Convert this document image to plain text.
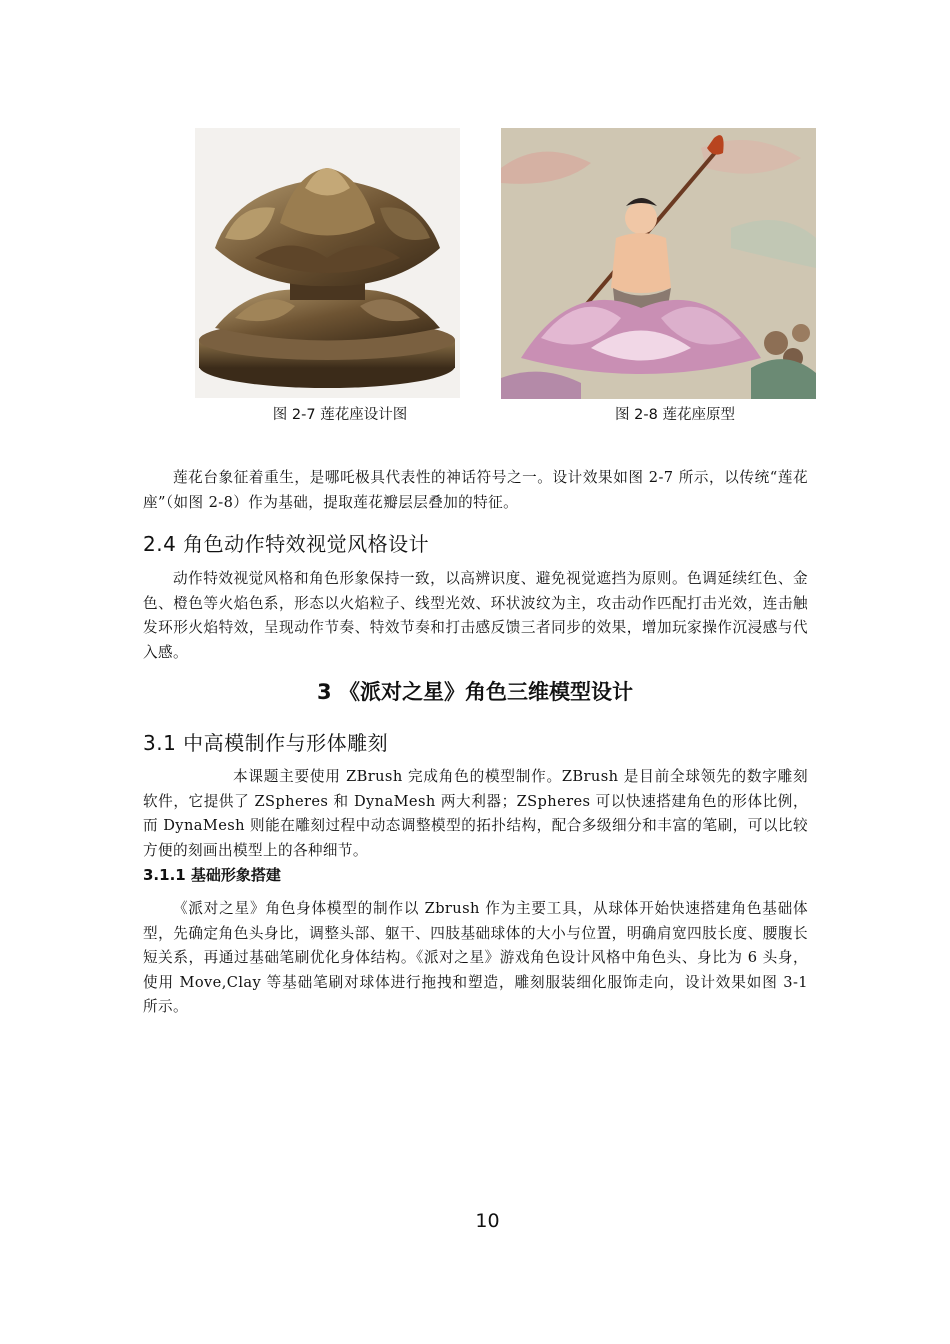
图 2-7 莲花座设计图	图 2-8 莲花座原型
莲花台象征着重生，是哪吒极具代表性的神话符号之一。设计效果如图 2-7 所示，以传统“莲花座”（如图 2-8）作为基础，提取莲花瓣层层叠加的特征。
2.4 角色动作特效视觉风格设计
动作特效视觉风格和角色形象保持一致，以高辨识度、避免视觉遮挡为原则。色调延续红色、金色、橙色等火焰色系，形态以火焰粒子、线型光效、环状波纹为主，攻击动作匹配打击光效，连击触发环形火焰特效，呈现动作节奏、特效节奏和打击感反馈三者同步的效果，增加玩家操作沉浸感与代入感。
3 《派对之星》角色三维模型设计
3.1 中高模制作与形体雕刻
本课题主要使用 ZBrush 完成角色的模型制作。ZBrush 是目前全球领先的数字雕刻软件，它提供了 ZSpheres 和 DynaMesh 两大利器；ZSpheres 可以快速搭建角色的形体比例，而 DynaMesh 则能在雕刻过程中动态调整模型的拓扑结构，配合多级细分和丰富的笔刷，可以比较方便的刻画出模型上的各种细节。
3.1.1 基础形象搭建
《派对之星》角色身体模型的制作以 Zbrush 作为主要工具，从球体开始快速搭建角色基础体型，先确定角色头身比，调整头部、躯干、四肢基础球体的大小与位置，明确肩宽四肢长度、腰腹长短关系，再通过基础笔刷优化身体结构。《派对之星》游戏角色设计风格中角色头、身比为 6 头身，使用 Move,Clay 等基础笔刷对球体进行拖拽和塑造，雕刻服装细化服饰走向，设计效果如图 3-1 所示。
10
